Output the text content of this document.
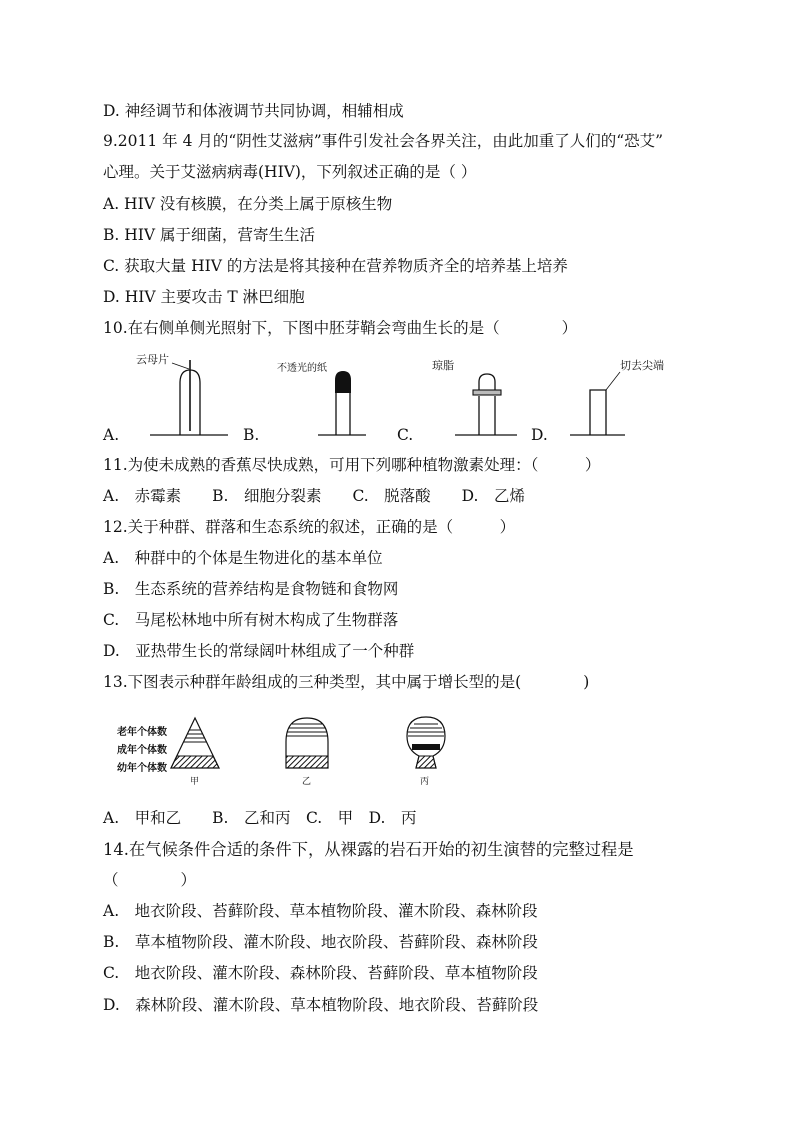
D. 神经调节和体液调节共同协调，相辅相成
9.2011 年 4 月的“阴性艾滋病”事件引发社会各界关注，由此加重了人们的“恐艾”
心理。关于艾滋病病毒(HIV)，下列叙述正确的是（ ）
A. HIV 没有核膜，在分类上属于原核生物
B. HIV 属于细菌，营寄生生活
C. 获取大量 HIV 的方法是将其接种在营养物质齐全的培养基上培养
D. HIV 主要攻击 T 淋巴细胞
10.在右侧单侧光照射下，下图中胚芽鞘会弯曲生长的是（　　　　）
A.	B.	C.	D.
云母片
不透光的纸	琼脂	切去尖端
11.为使未成熟的香蕉尽快成熟，可用下列哪种植物激素处理：（　　　）
A.　赤霉素　　B.　细胞分裂素　　C.　脱落酸　　D.　乙烯
12.关于种群、群落和生态系统的叙述，正确的是（　　　）
A.　种群中的个体是生物进化的基本单位
B.　生态系统的营养结构是食物链和食物网
C.　马尾松林地中所有树木构成了生物群落
D.　亚热带生长的常绿阔叶林组成了一个种群
13.下图表示种群年龄组成的三种类型，其中属于增长型的是(　　　　)
老年个体数
成年个体数
幼年个体数
甲	乙	丙
A.　甲和乙　　B.　乙和丙　C.　甲　D.　丙
14.在气候条件合适的条件下，从裸露的岩石开始的初生演替的完整过程是
（　　　　）
A.　地衣阶段、苔藓阶段、草本植物阶段、灌木阶段、森林阶段
B.　草本植物阶段、灌木阶段、地衣阶段、苔藓阶段、森林阶段
C.　地衣阶段、灌木阶段、森林阶段、苔藓阶段、草本植物阶段
D.　森林阶段、灌木阶段、草本植物阶段、地衣阶段、苔藓阶段
